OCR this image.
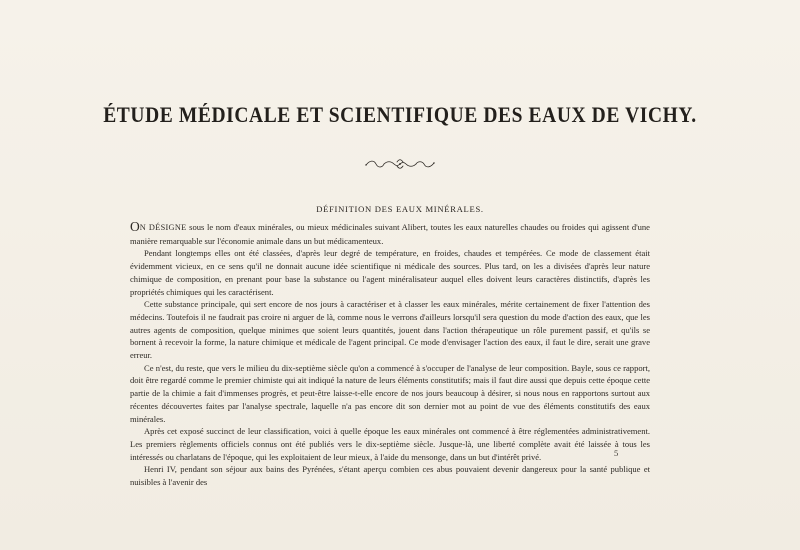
ÉTUDE MÉDICALE ET SCIENTIFIQUE DES EAUX DE VICHY.
DÉFINITION DES EAUX MINÉRALES.

ON DÉSIGNE sous le nom d'eaux minérales, ou mieux médicinales suivant Alibert, toutes les eaux naturelles chaudes ou froides qui agissent d'une manière remarquable sur l'économie animale dans un but médicamenteux.

Pendant longtemps elles ont été classées, d'après leur degré de température, en froides, chaudes et tempérées. Ce mode de classement était évidemment vicieux, en ce sens qu'il ne donnait aucune idée scientifique ni médicale des sources. Plus tard, on les a divisées d'après leur nature chimique de composition, en prenant pour base la substance ou l'agent minéralisateur auquel elles doivent leurs caractères distinctifs, d'après les propriétés chimiques qui les caractérisent.

Cette substance principale, qui sert encore de nos jours à caractériser et à classer les eaux minérales, mérite certainement de fixer l'attention des médecins. Toutefois il ne faudrait pas croire ni arguer de là, comme nous le verrons d'ailleurs lorsqu'il sera question du mode d'action des eaux, que les autres agents de composition, quelque minimes que soient leurs quantités, jouent dans l'action thérapeutique un rôle purement passif, et qu'ils se bornent à recevoir la forme, la nature chimique et médicale de l'agent principal. Ce mode d'envisager l'action des eaux, il faut le dire, serait une grave erreur.

Ce n'est, du reste, que vers le milieu du dix-septième siècle qu'on a commencé à s'occuper de l'analyse de leur composition. Bayle, sous ce rapport, doit être regardé comme le premier chimiste qui ait indiqué la nature de leurs éléments constitutifs; mais il faut dire aussi que depuis cette époque cette partie de la chimie a fait d'immenses progrès, et peut-être laisse-t-elle encore de nos jours beaucoup à désirer, si nous nous en rapportons surtout aux récentes découvertes faites par l'analyse spectrale, laquelle n'a pas encore dit son dernier mot au point de vue des éléments constitutifs des eaux minérales.

Après cet exposé succinct de leur classification, voici à quelle époque les eaux minérales ont commencé à être réglementées administrativement. Les premiers règlements officiels connus ont été publiés vers le dix-septième siècle. Jusque-là, une liberté complète avait été laissée à tous les intéressés ou charlatans de l'époque, qui les exploitaient de leur mieux, à l'aide du mensonge, dans un but d'intérêt privé.

Henri IV, pendant son séjour aux bains des Pyrénées, s'étant aperçu combien ces abus pouvaient devenir dangereux pour la santé publique et nuisibles à l'avenir des

5
